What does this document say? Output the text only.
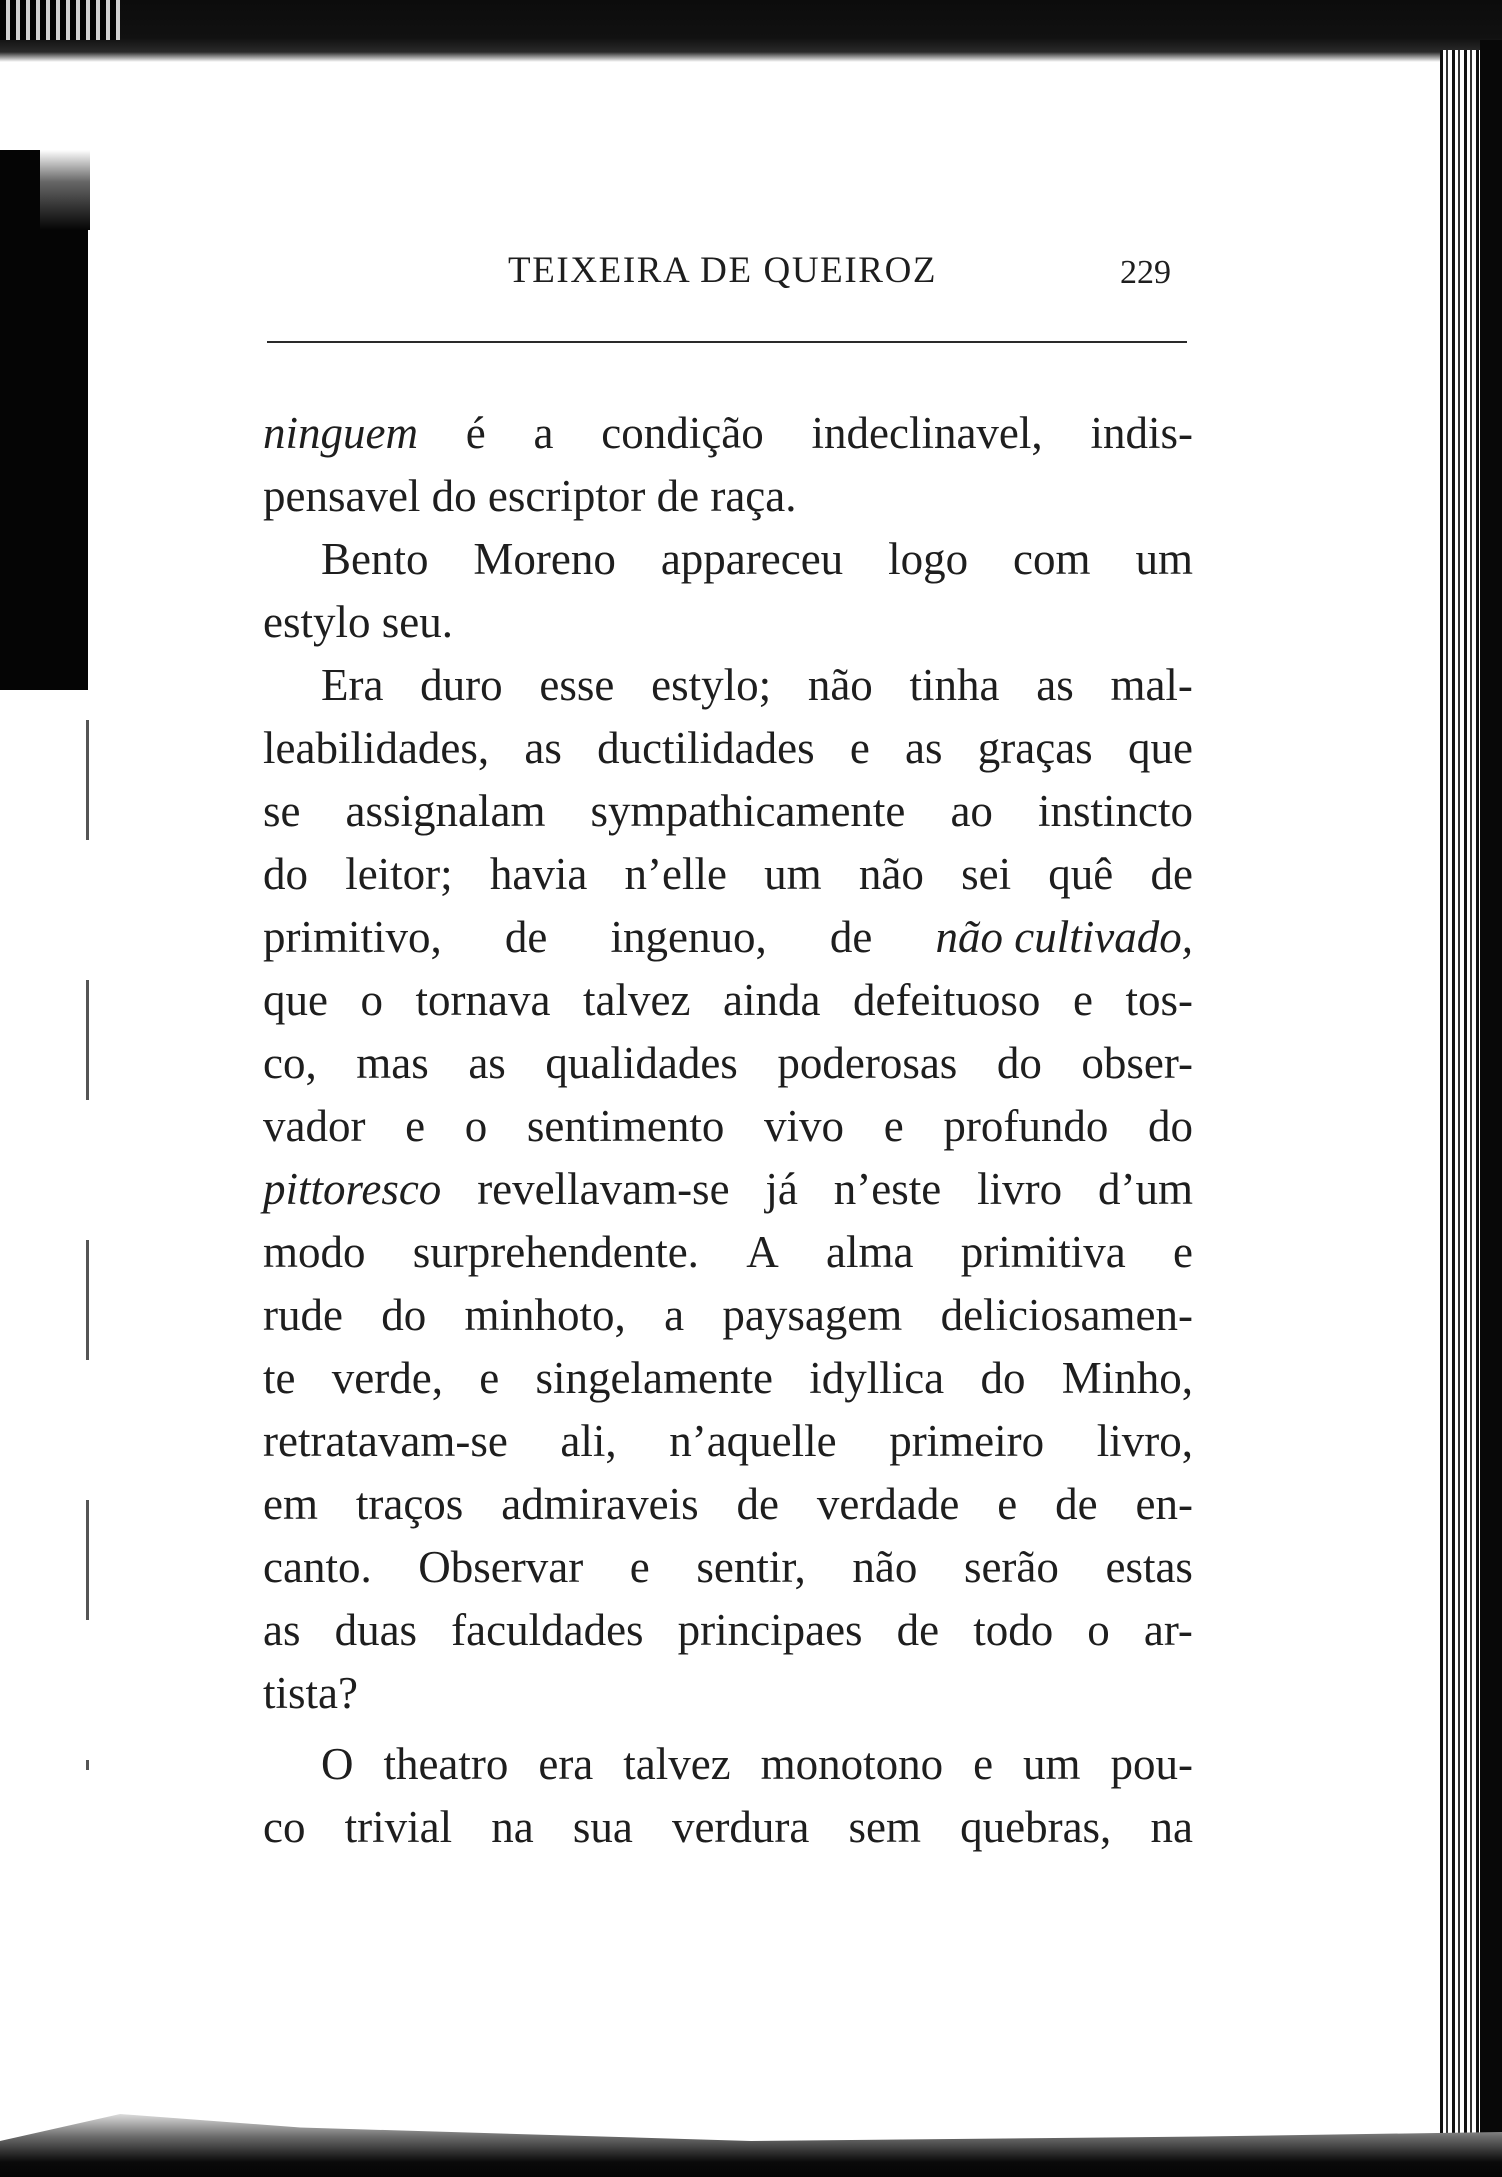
TEIXEIRA DE QUEIROZ	229
ninguem é a condição indeclinavel, indis-
pensavel do escriptor de raça.
Bento Moreno appareceu logo com um
estylo seu.
Era duro esse estylo; não tinha as mal-
leabilidades, as ductilidades e as graças que
se assignalam sympathicamente ao instincto
do leitor; havia n’elle um não sei quê de
primitivo, de ingenuo, de não cultivado,
que o tornava talvez ainda defeituoso e tos-
co, mas as qualidades poderosas do obser-
vador e o sentimento vivo e profundo do
pittoresco revellavam-se já n’este livro d’um
modo surprehendente. A alma primitiva e
rude do minhoto, a paysagem deliciosamen-
te verde, e singelamente idyllica do Minho,
retratavam-se ali, n’aquelle primeiro livro,
em traços admiraveis de verdade e de en-
canto. Observar e sentir, não serão estas
as duas faculdades principaes de todo o ar-
tista?
O theatro era talvez monotono e um pou-
co trivial na sua verdura sem quebras, na
